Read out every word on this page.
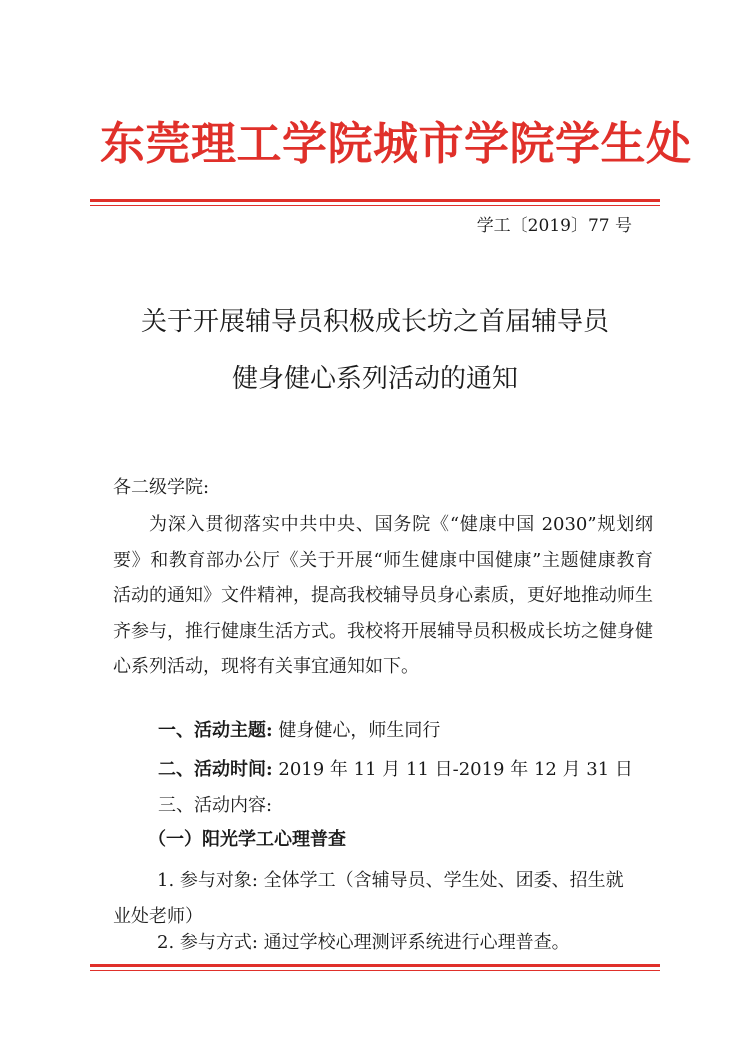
东莞理工学院城市学院学生处
学工〔2019〕77 号
关于开展辅导员积极成长坊之首届辅导员
健身健心系列活动的通知
各二级学院:
为深入贯彻落实中共中央、国务院《“健康中国 2030”规划纲要》和教育部办公厅《关于开展“师生健康中国健康”主题健康教育活动的通知》文件精神，提高我校辅导员身心素质，更好地推动师生齐参与，推行健康生活方式。我校将开展辅导员积极成长坊之健身健心系列活动，现将有关事宜通知如下。
一、活动主题: 健身健心，师生同行
二、活动时间: 2019 年 11 月 11 日-2019 年 12 月 31 日
三、活动内容:
（一）阳光学工心理普查
1. 参与对象: 全体学工（含辅导员、学生处、团委、招生就业处老师）
2. 参与方式: 通过学校心理测评系统进行心理普查。
